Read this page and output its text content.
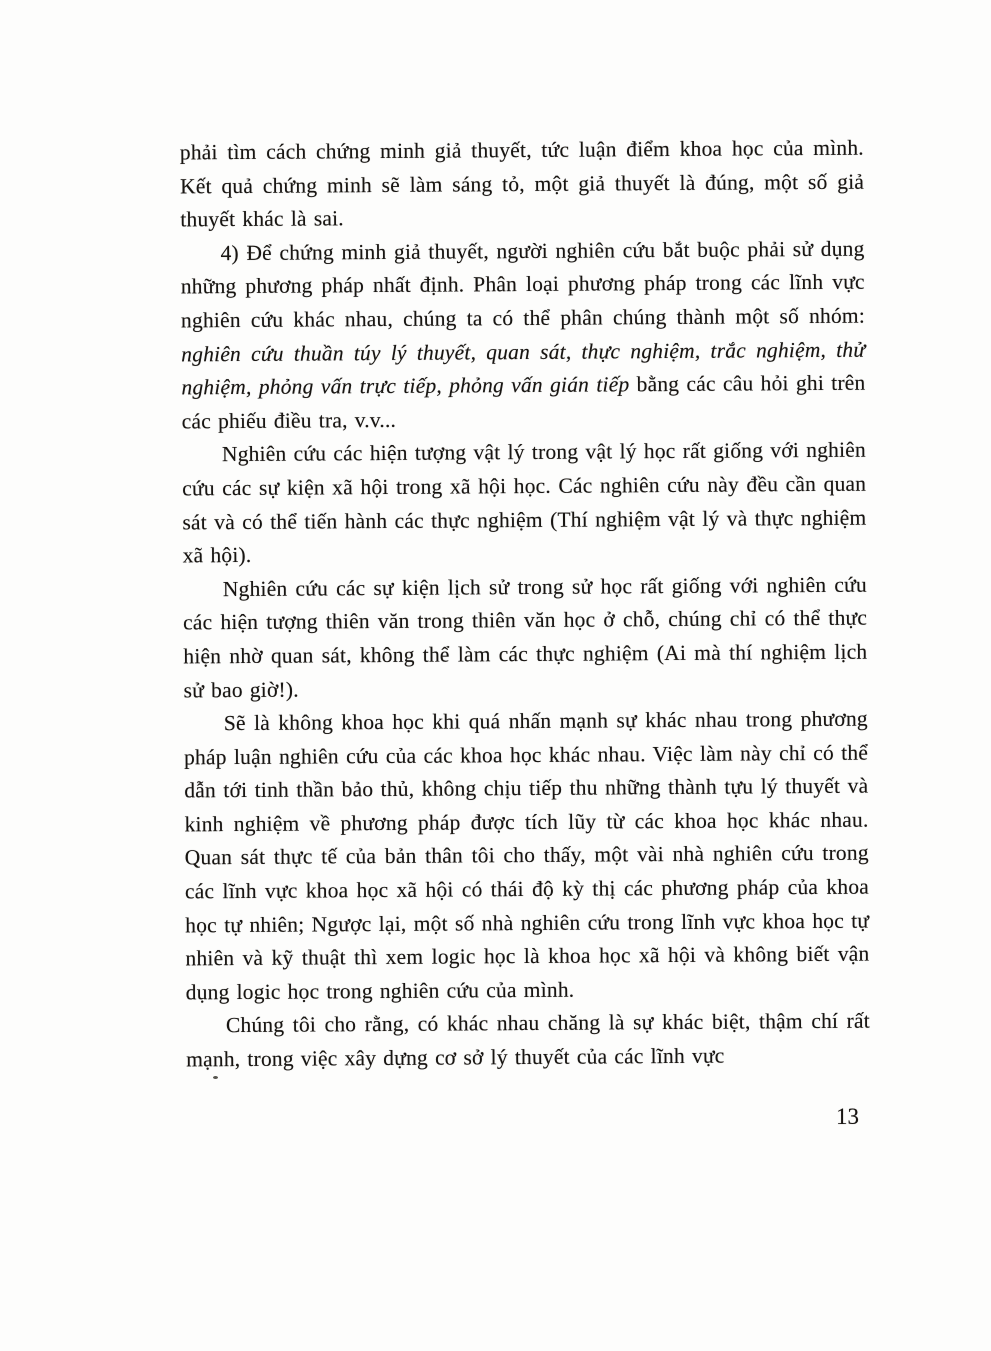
phải tìm cách chứng minh giả thuyết, tức luận điểm khoa học của mình. Kết quả chứng minh sẽ làm sáng tỏ, một giả thuyết là đúng, một số giả thuyết khác là sai.

4) Để chứng minh giả thuyết, người nghiên cứu bắt buộc phải sử dụng những phương pháp nhất định. Phân loại phương pháp trong các lĩnh vực nghiên cứu khác nhau, chúng ta có thể phân chúng thành một số nhóm: nghiên cứu thuần túy lý thuyết, quan sát, thực nghiệm, trắc nghiệm, thử nghiệm, phỏng vấn trực tiếp, phỏng vấn gián tiếp bằng các câu hỏi ghi trên các phiếu điều tra, v.v...

Nghiên cứu các hiện tượng vật lý trong vật lý học rất giống với nghiên cứu các sự kiện xã hội trong xã hội học. Các nghiên cứu này đều cần quan sát và có thể tiến hành các thực nghiệm (Thí nghiệm vật lý và thực nghiệm xã hội).

Nghiên cứu các sự kiện lịch sử trong sử học rất giống với nghiên cứu các hiện tượng thiên văn trong thiên văn học ở chỗ, chúng chỉ có thể thực hiện nhờ quan sát, không thể làm các thực nghiệm (Ai mà thí nghiệm lịch sử bao giờ!).

Sẽ là không khoa học khi quá nhấn mạnh sự khác nhau trong phương pháp luận nghiên cứu của các khoa học khác nhau. Việc làm này chỉ có thể dẫn tới tinh thần bảo thủ, không chịu tiếp thu những thành tựu lý thuyết và kinh nghiệm về phương pháp được tích lũy từ các khoa học khác nhau. Quan sát thực tế của bản thân tôi cho thấy, một vài nhà nghiên cứu trong các lĩnh vực khoa học xã hội có thái độ kỳ thị các phương pháp của khoa học tự nhiên; Ngược lại, một số nhà nghiên cứu trong lĩnh vực khoa học tự nhiên và kỹ thuật thì xem logic học là khoa học xã hội và không biết vận dụng logic học trong nghiên cứu của mình.

Chúng tôi cho rằng, có khác nhau chăng là sự khác biệt, thậm chí rất mạnh, trong việc xây dựng cơ sở lý thuyết của các lĩnh vực

13
